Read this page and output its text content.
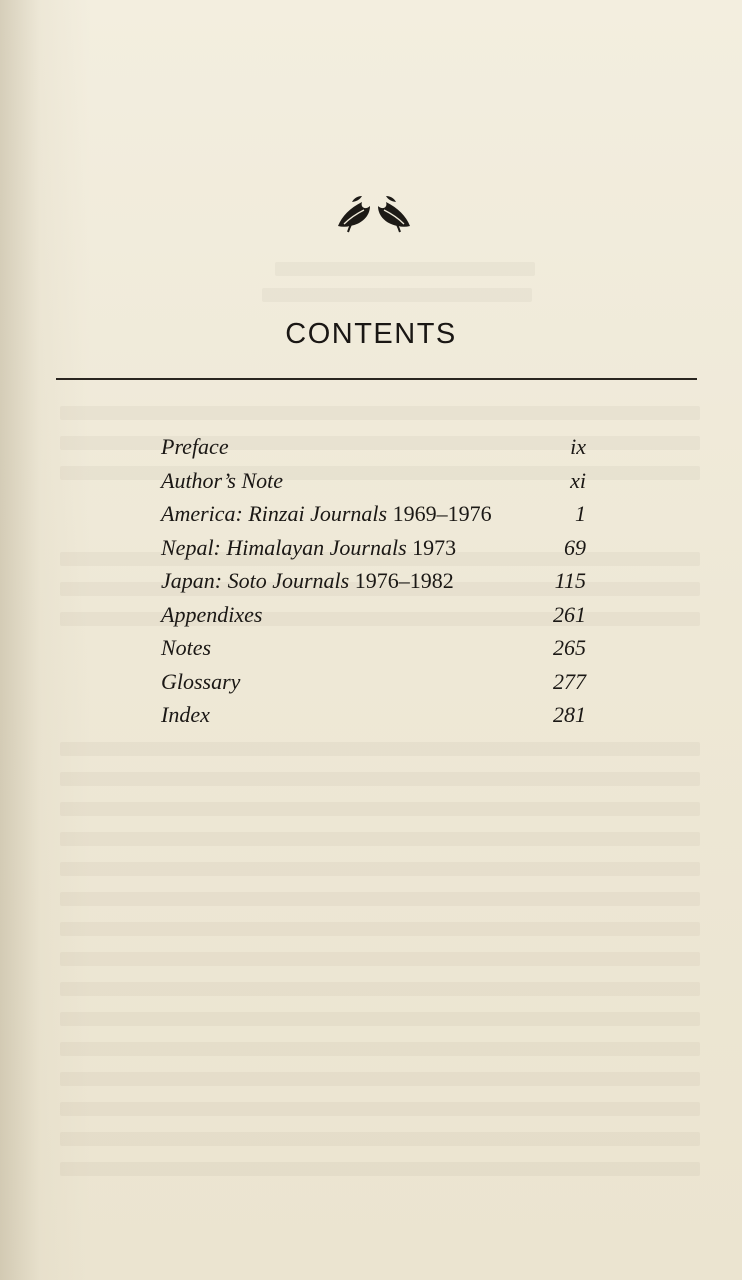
CONTENTS
Preface	ix
Author’s Note	xi
America: Rinzai Journals 1969–1976	1
Nepal: Himalayan Journals 1973	69
Japan: Soto Journals 1976–1982	115
Appendixes	261
Notes	265
Glossary	277
Index	281
